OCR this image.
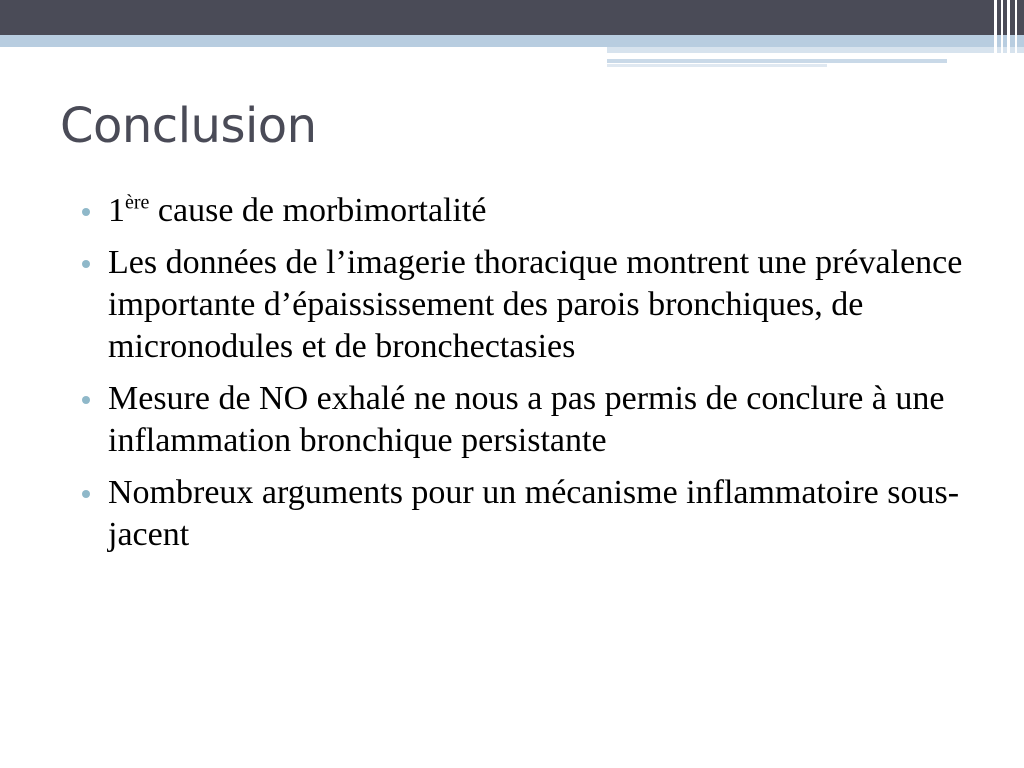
Conclusion
1ère cause de morbimortalité
Les données de l’imagerie thoracique montrent une prévalence importante d’épaississement des parois bronchiques, de micronodules et de bronchectasies
Mesure de NO exhalé ne nous a pas permis de conclure à une inflammation bronchique persistante
Nombreux arguments pour un mécanisme inflammatoire sous-jacent
